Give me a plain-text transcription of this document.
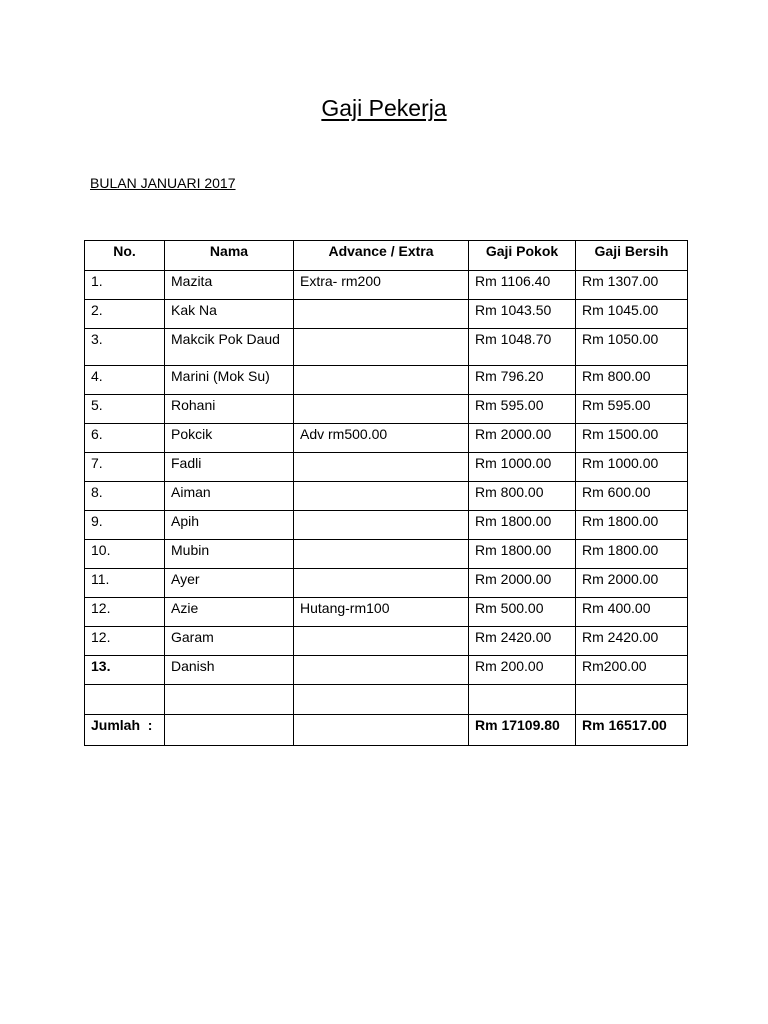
Gaji Pekerja
BULAN JANUARI 2017
No.	Nama	Advance / Extra	Gaji Pokok	Gaji Bersih
1.	Mazita	Extra- rm200	Rm 1106.40	Rm 1307.00
2.	Kak Na		Rm 1043.50	Rm 1045.00
3.	Makcik Pok Daud		Rm 1048.70	Rm 1050.00
4.	Marini (Mok Su)		Rm 796.20	Rm 800.00
5.	Rohani		Rm 595.00	Rm 595.00
6.	Pokcik	Adv rm500.00	Rm 2000.00	Rm 1500.00
7.	Fadli		Rm 1000.00	Rm 1000.00
8.	Aiman		Rm 800.00	Rm 600.00
9.	Apih		Rm 1800.00	Rm 1800.00
10.	Mubin		Rm 1800.00	Rm 1800.00
11.	Ayer		Rm 2000.00	Rm 2000.00
12.	Azie	Hutang-rm100	Rm 500.00	Rm 400.00
12.	Garam		Rm 2420.00	Rm 2420.00
13.	Danish		Rm 200.00	Rm200.00

Jumlah  :			Rm 17109.80	Rm 16517.00
